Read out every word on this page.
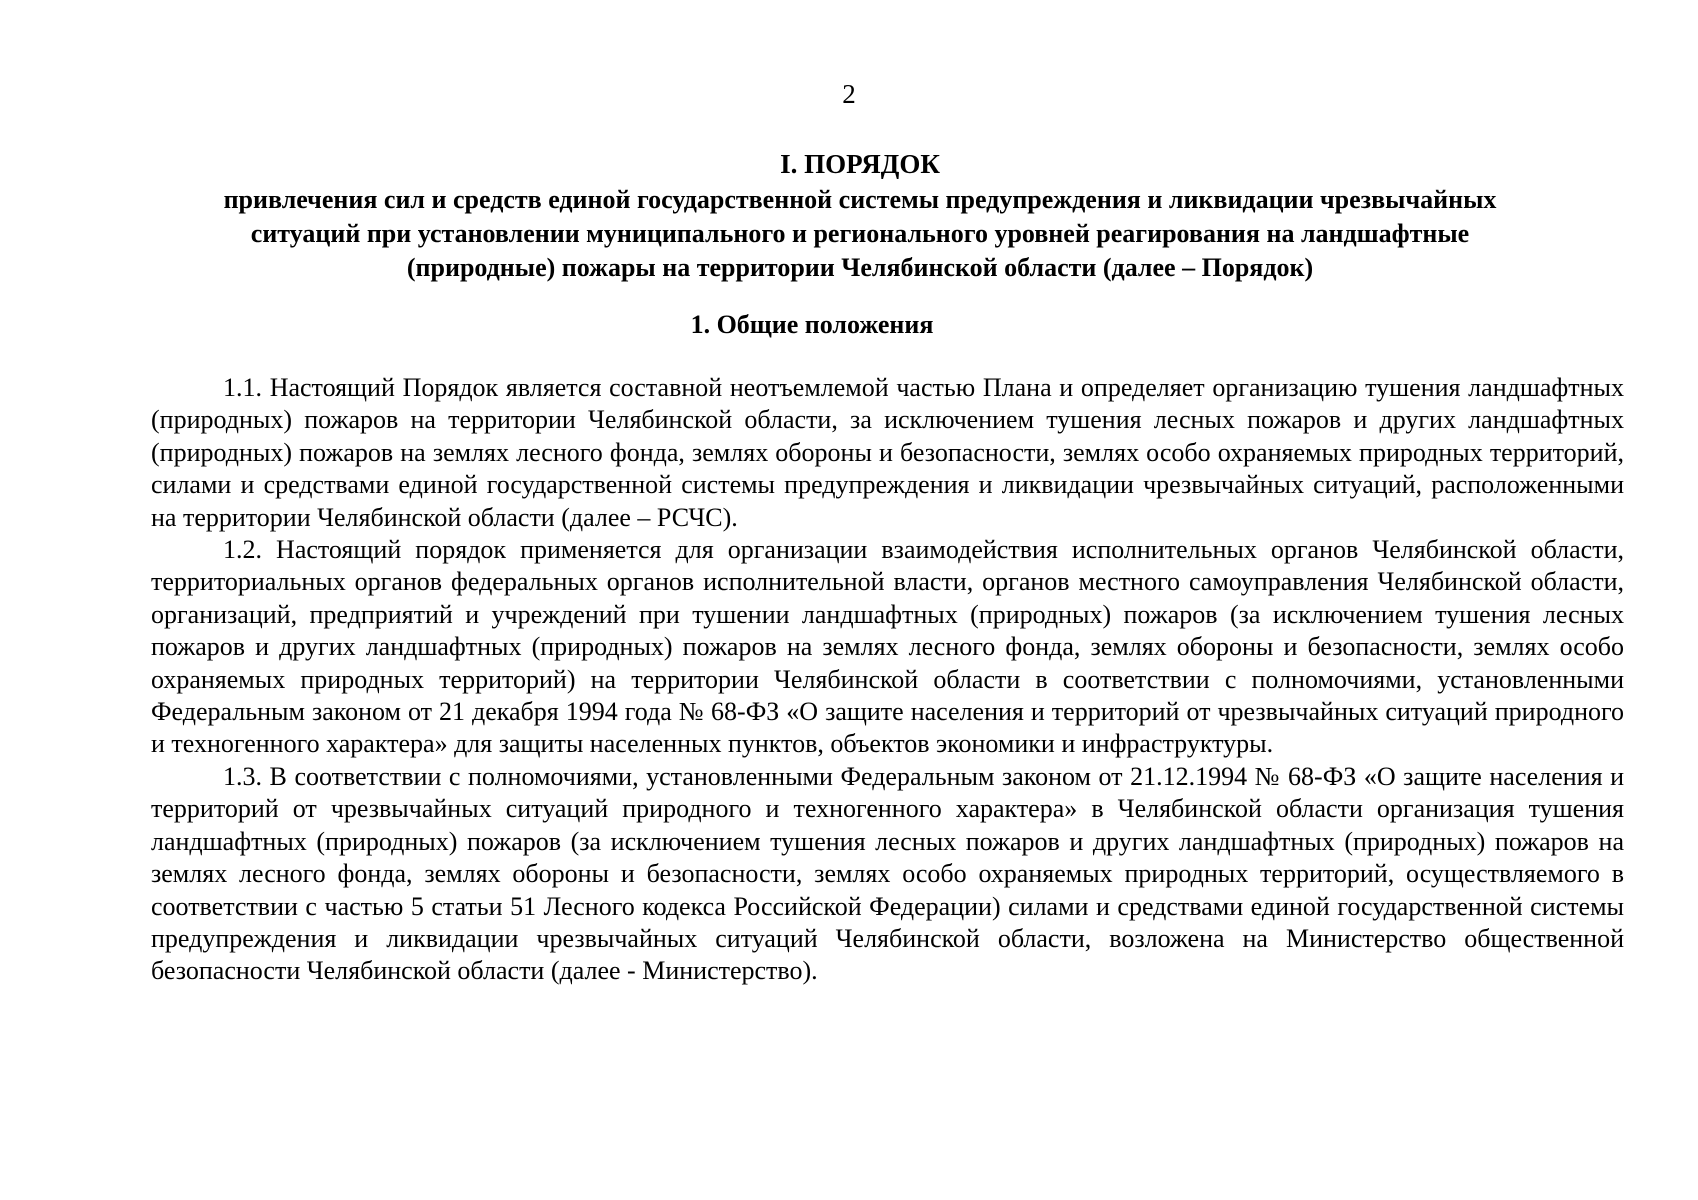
2
I. ПОРЯДОК
привлечения сил и средств единой государственной системы предупреждения и ликвидации чрезвычайных
ситуаций при установлении муниципального и регионального уровней реагирования на ландшафтные
(природные) пожары на территории Челябинской области (далее – Порядок)
1. Общие положения

1.1. Настоящий Порядок является составной неотъемлемой частью Плана и определяет организацию тушения ландшафтных (природных) пожаров на территории Челябинской области, за исключением тушения лесных пожаров и других ландшафтных (природных) пожаров на землях лесного фонда, землях обороны и безопасности, землях особо охраняемых природных территорий, силами и средствами единой государственной системы предупреждения и ликвидации чрезвычайных ситуаций, расположенными на территории Челябинской области (далее – РСЧС).

1.2. Настоящий порядок применяется для организации взаимодействия исполнительных органов Челябинской области, территориальных органов федеральных органов исполнительной власти, органов местного самоуправления Челябинской области, организаций, предприятий и учреждений при тушении ландшафтных (природных) пожаров (за исключением тушения лесных пожаров и других ландшафтных (природных) пожаров на землях лесного фонда, землях обороны и безопасности, землях особо охраняемых природных территорий) на территории Челябинской области в соответствии с полномочиями, установленными Федеральным законом от 21 декабря 1994 года № 68-ФЗ «О защите населения и территорий от чрезвычайных ситуаций природного и техногенного характера» для защиты населенных пунктов, объектов экономики и инфраструктуры.

1.3. В соответствии с полномочиями, установленными Федеральным законом от 21.12.1994 № 68-ФЗ «О защите населения и территорий от чрезвычайных ситуаций природного и техногенного характера» в Челябинской области организация тушения ландшафтных (природных) пожаров (за исключением тушения лесных пожаров и других ландшафтных (природных) пожаров на землях лесного фонда, землях обороны и безопасности, землях особо охраняемых природных территорий, осуществляемого в соответствии с частью 5 статьи 51 Лесного кодекса Российской Федерации) силами и средствами единой государственной системы предупреждения и ликвидации чрезвычайных ситуаций Челябинской области, возложена на Министерство общественной безопасности Челябинской области (далее - Министерство).
